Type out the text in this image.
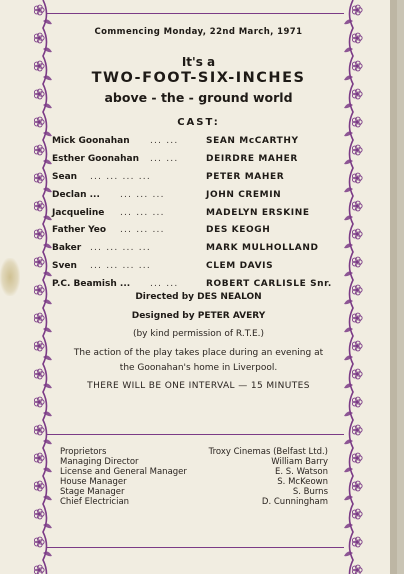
Commencing Monday, 22nd March, 1971
It's a
TWO-FOOT-SIX-INCHES
above - the - ground world
CAST:
Mick Goonahan ... ...	SEAN McCARTHY
Esther Goonahan ... ...	DEIRDRE MAHER
Sean ... ... ... ...	PETER MAHER
Declan ... ... ... ...	JOHN CREMIN
Jacqueline ... ... ...	MADELYN ERSKINE
Father Yeo ... ... ...	DES KEOGH
Baker ... ... ... ...	MARK MULHOLLAND
Sven ... ... ... ...	CLEM DAVIS
P.C. Beamish ... ... ...	ROBERT CARLISLE Snr.
Directed by DES NEALON
Designed by PETER AVERY
(by kind permission of R.T.E.)
The action of the play takes place during an evening at
the Goonahan's home in Liverpool.
THERE WILL BE ONE INTERVAL — 15 MINUTES
Proprietors	Troxy Cinemas (Belfast Ltd.)
Managing Director	William Barry
License and General Manager	E. S. Watson
House Manager	S. McKeown
Stage Manager	S. Burns
Chief Electrician	D. Cunningham
